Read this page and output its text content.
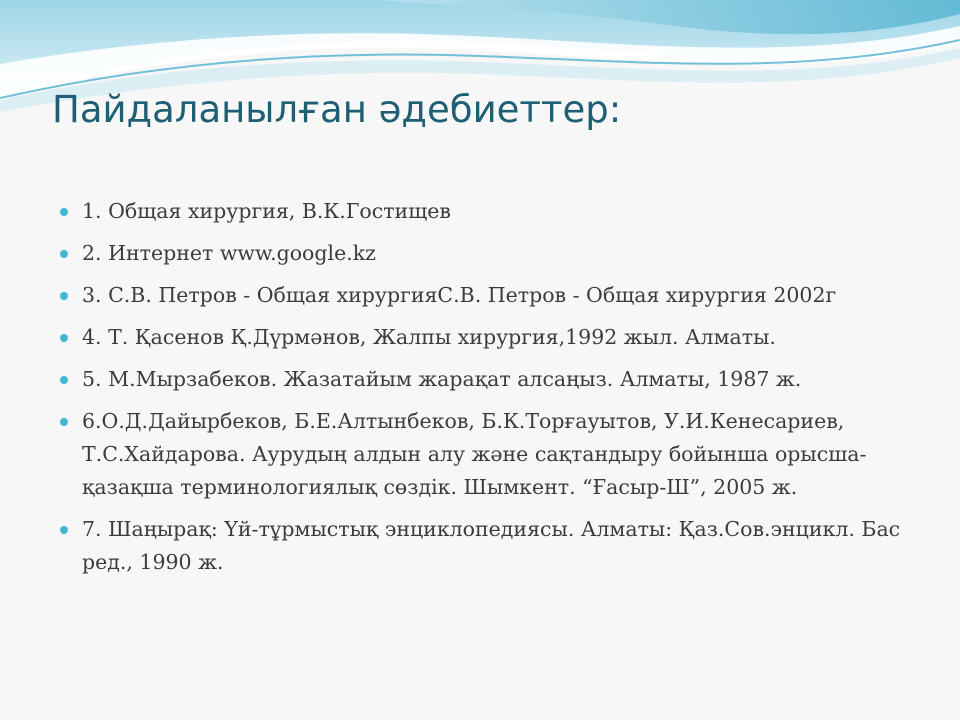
Пайдаланылған әдебиеттер:
1. Общая хирургия, В.К.Гостищев
2. Интернет www.google.kz
3. С.В. Петров - Общая хирургияС.В. Петров - Общая хирургия 2002г
4. Т. Қасенов Қ.Дүрмәнов, Жалпы хирургия,1992 жыл. Алматы.
5. М.Мырзабеков. Жазатайым жарақат алсаңыз. Алматы, 1987 ж.
6.О.Д.Дайырбеков, Б.Е.Алтынбеков, Б.К.Торғауытов, У.И.Кенесариев, Т.С.Хайдарова. Аурудың алдын алу және сақтандыру бойынша орысша-қазақша терминологиялық сөздік. Шымкент. “Ғасыр-Ш”, 2005 ж.
7. Шаңырақ: Үй-тұрмыстық энциклопедиясы. Алматы: Қаз.Сов.энцикл. Бас ред., 1990 ж.
